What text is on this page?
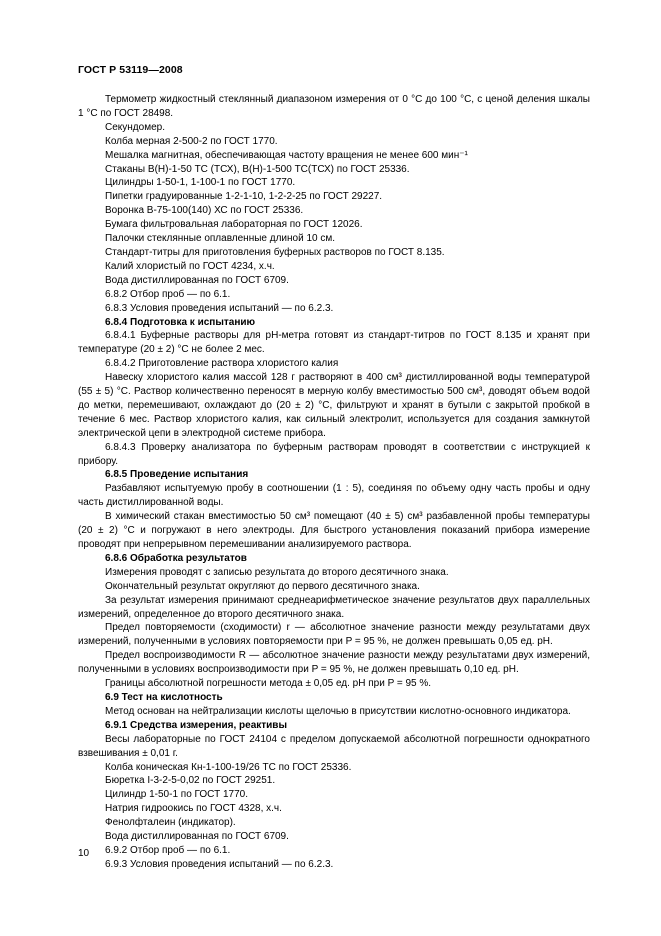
ГОСТ Р 53119—2008

Термометр жидкостный стеклянный диапазоном измерения от 0 °С до 100 °С, с ценой деления шкалы 1 °С по ГОСТ 28498.

Секундомер.

Колба мерная 2-500-2 по ГОСТ 1770.

Мешалка магнитная, обеспечивающая частоту вращения не менее 600 мин⁻¹

Стаканы В(Н)-1-50 ТС (ТСХ), В(Н)-1-500 ТС(ТСХ) по ГОСТ 25336.

Цилиндры 1-50-1, 1-100-1 по ГОСТ 1770.

Пипетки градуированные 1-2-1-10, 1-2-2-25 по ГОСТ 29227.

Воронка В-75-100(140) ХС по ГОСТ 25336.

Бумага фильтровальная лабораторная по ГОСТ 12026.

Палочки стеклянные оплавленные длиной 10 см.

Стандарт-титры для приготовления буферных растворов по ГОСТ 8.135.

Калий хлористый по ГОСТ 4234, х.ч.

Вода дистиллированная по ГОСТ 6709.

6.8.2 Отбор проб — по 6.1.

6.8.3 Условия проведения испытаний — по 6.2.3.

6.8.4 Подготовка к испытанию

6.8.4.1 Буферные растворы для рН-метра готовят из стандарт-титров по ГОСТ 8.135 и хранят при температуре (20 ± 2) °С не более 2 мес.

6.8.4.2 Приготовление раствора хлористого калия

Навеску хлористого калия массой 128 г растворяют в 400 см³ дистиллированной воды температурой (55 ± 5) °С. Раствор количественно переносят в мерную колбу вместимостью 500 см³, доводят объем водой до метки, перемешивают, охлаждают до (20 ± 2) °С, фильтруют и хранят в бутыли с закрытой пробкой в течение 6 мес. Раствор хлористого калия, как сильный электролит, используется для создания замкнутой электрической цепи в электродной системе прибора.

6.8.4.3 Проверку анализатора по буферным растворам проводят в соответствии с инструкцией к прибору.

6.8.5 Проведение испытания

Разбавляют испытуемую пробу в соотношении (1 : 5), соединяя по объему одну часть пробы и одну часть дистиллированной воды.

В химический стакан вместимостью 50 см³ помещают (40 ± 5) см³ разбавленной пробы температуры (20 ± 2) °С и погружают в него электроды. Для быстрого установления показаний прибора измерение проводят при непрерывном перемешивании анализируемого раствора.

6.8.6 Обработка результатов

Измерения проводят с записью результата до второго десятичного знака.

Окончательный результат округляют до первого десятичного знака.

За результат измерения принимают среднеарифметическое значение результатов двух параллельных измерений, определенное до второго десятичного знака.

Предел повторяемости (сходимости) r — абсолютное значение разности между результатами двух измерений, полученными в условиях повторяемости при P = 95 %, не должен превышать 0,05 ед. рН.

Предел воспроизводимости R — абсолютное значение разности между результатами двух измерений, полученными в условиях воспроизводимости при P = 95 %, не должен превышать 0,10 ед. рН.

Границы абсолютной погрешности метода ± 0,05 ед. рН при P = 95 %.

6.9 Тест на кислотность

Метод основан на нейтрализации кислоты щелочью в присутствии кислотно-основного индикатора.

6.9.1 Средства измерения, реактивы

Весы лабораторные по ГОСТ 24104 с пределом допускаемой абсолютной погрешности однократного взвешивания ± 0,01 г.

Колба коническая Кн-1-100-19/26 ТС по ГОСТ 25336.

Бюретка I-3-2-5-0,02 по ГОСТ 29251.

Цилиндр 1-50-1 по ГОСТ 1770.

Натрия гидроокись по ГОСТ 4328, х.ч.

Фенолфталеин (индикатор).

Вода дистиллированная по ГОСТ 6709.

6.9.2 Отбор проб — по 6.1.

6.9.3 Условия проведения испытаний — по 6.2.3.

10
